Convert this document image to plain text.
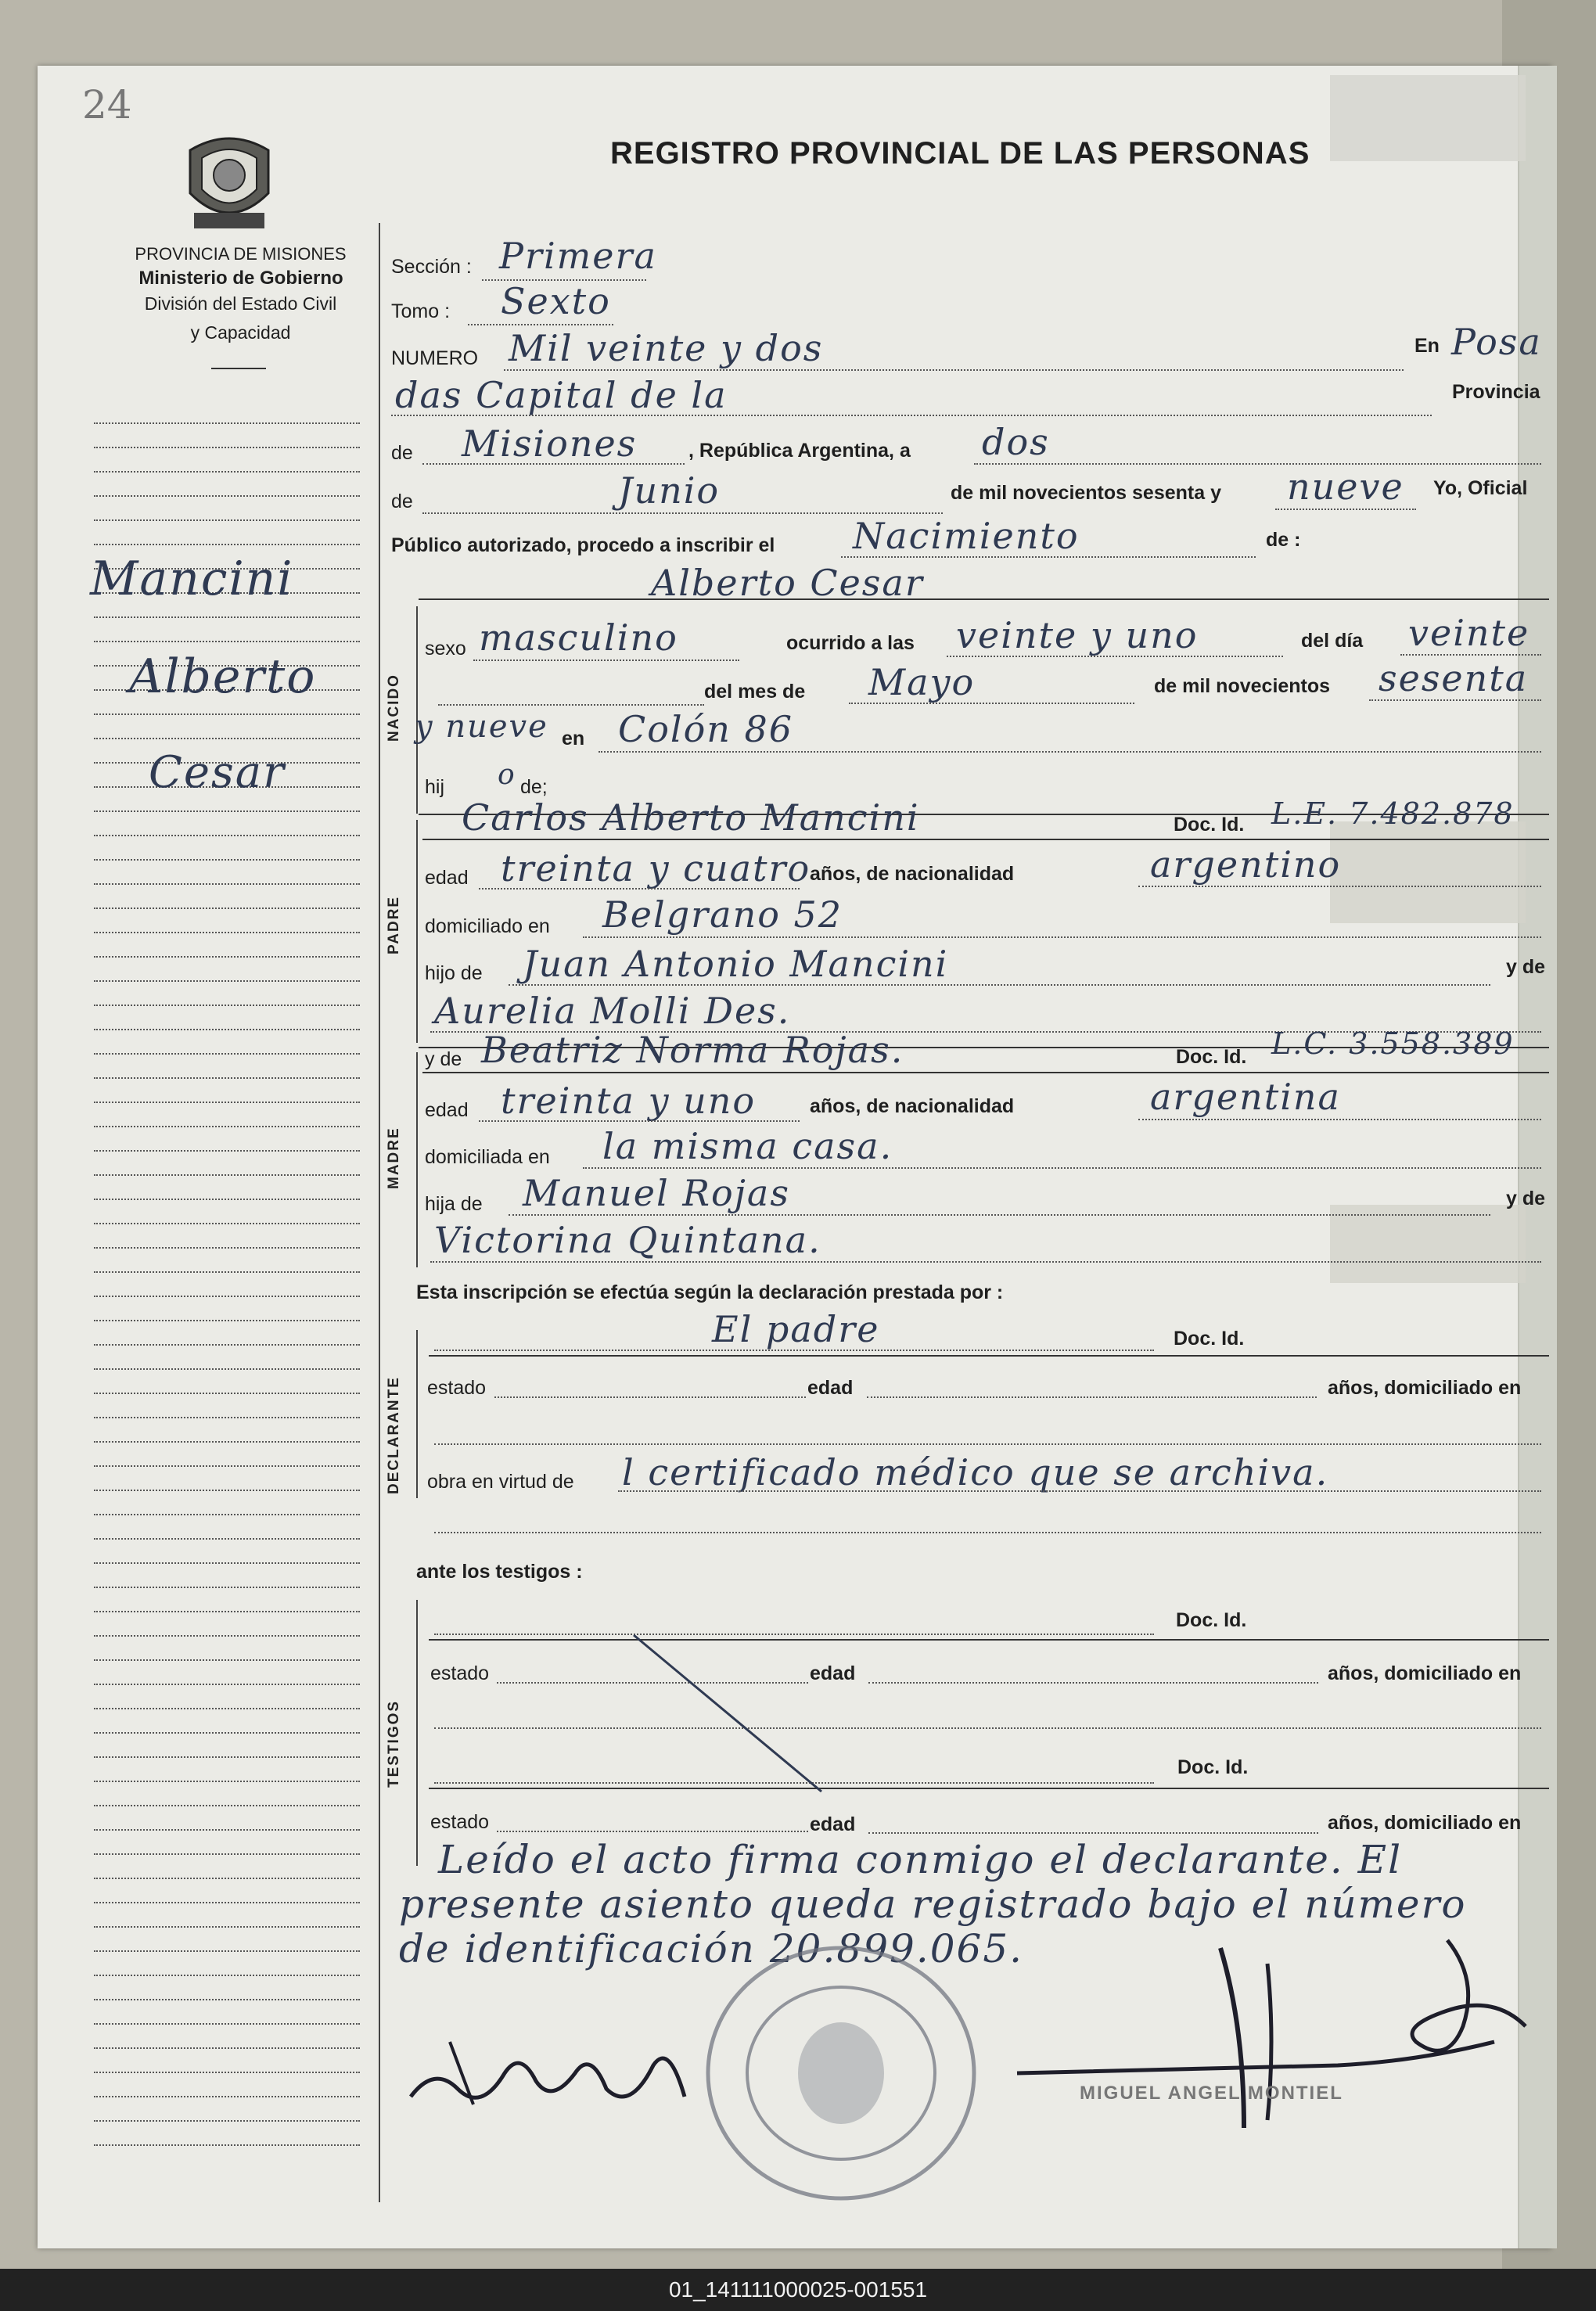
24
PROVINCIA DE MISIONES
Ministerio de Gobierno
División del Estado Civil
y Capacidad
REGISTRO PROVINCIAL DE LAS PERSONAS
Mancini
Alberto
Cesar
Sección : Primera
Tomo : Sexto
NUMERO Mil veinte y dos	En Posa
das Capital de la	Provincia
de Misiones	, República Argentina, a dos
de	Junio	de mil novecientos sesenta y nueve Yo, Oficial
Público autorizado, procedo a inscribir el Nacimiento	de :
Alberto Cesar
NACIDO
sexo masculino	ocurrido a las veinte y uno	del día veinte
del mes de Mayo	de mil novecientos sesenta
y nueve en Colón 86
hij o de;
PADRE
Carlos Alberto Mancini	Doc. Id. L.E. 7.482.878
edad treinta y cuatro
años, de nacionalidad	argentino
domiciliado en Belgrano 52
hijo de Juan Antonio Mancini	y de
Aurelia Molli Des.
MADRE
y de Beatriz Norma Rojas.	Doc. Id. L.C. 3.558.389
edad treinta y uno	años, de nacionalidad	argentina
domiciliada en la misma casa.
hija de Manuel Rojas	y de
Victorina Quintana.
Esta inscripción se efectúa según la declaración prestada por :
DECLARANTE
El padre	Doc. Id.
estado	edad	años, domiciliado en
obra en virtud de l certificado médico que se archiva.
ante los testigos :
TESTIGOS
Doc. Id.
estado	edad	años, domiciliado en
Doc. Id.
estado	edad	años, domiciliado en
Leído el acto firma conmigo el declarante. El
presente asiento queda registrado bajo el número
de identificación 20.899.065.
MIGUEL ANGEL MONTIEL
01_141111000025-001551
